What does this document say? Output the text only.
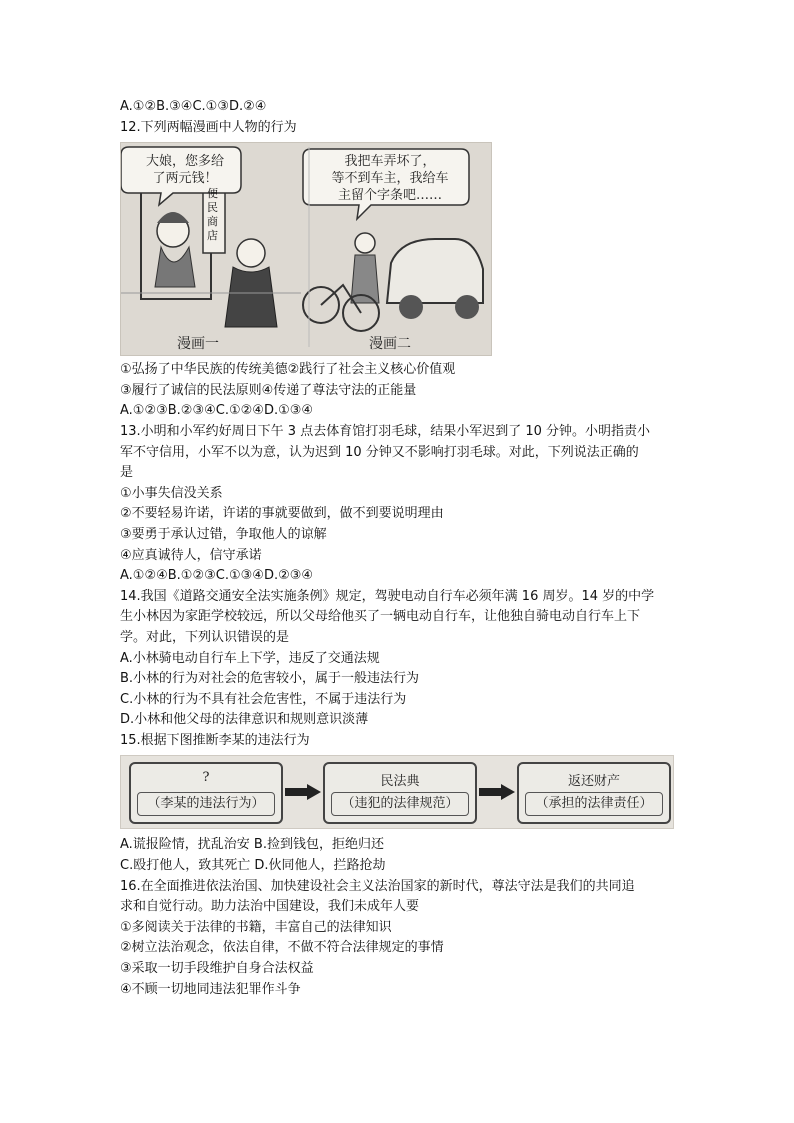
A.①②B.③④C.①③D.②④
12.下列两幅漫画中人物的行为
大娘，您多给
了两元钱！
便民商店
我把车弄坏了，
等不到车主，我给车
主留个字条吧……
漫画一	漫画二
①弘扬了中华民族的传统美德②践行了社会主义核心价值观
③履行了诚信的民法原则④传递了尊法守法的正能量
A.①②③B.②③④C.①②④D.①③④
13.小明和小军约好周日下午 3 点去体育馆打羽毛球，结果小军迟到了 10 分钟。小明指责小
军不守信用，小军不以为意，认为迟到 10 分钟又不影响打羽毛球。对此，下列说法正确的
是
①小事失信没关系
②不要轻易许诺，许诺的事就要做到，做不到要说明理由
③要勇于承认过错，争取他人的谅解
④应真诚待人，信守承诺
A.①②④B.①②③C.①③④D.②③④
14.我国《道路交通安全法实施条例》规定，驾驶电动自行车必须年满 16 周岁。14 岁的中学
生小林因为家距学校较远，所以父母给他买了一辆电动自行车，让他独自骑电动自行车上下
学。对此，下列认识错误的是
A.小林骑电动自行车上下学，违反了交通法规
B.小林的行为对社会的危害较小，属于一般违法行为
C.小林的行为不具有社会危害性，不属于违法行为
D.小林和他父母的法律意识和规则意识淡薄
15.根据下图推断李某的违法行为
?
（李某的违法行为）
民法典
（违犯的法律规范）
返还财产
（承担的法律责任）
A.谎报险情，扰乱治安 B.捡到钱包，拒绝归还
C.殴打他人，致其死亡 D.伙同他人，拦路抢劫
16.在全面推进依法治国、加快建设社会主义法治国家的新时代，尊法守法是我们的共同追
求和自觉行动。助力法治中国建设，我们未成年人要
①多阅读关于法律的书籍，丰富自己的法律知识
②树立法治观念，依法自律，不做不符合法律规定的事情
③采取一切手段维护自身合法权益
④不顾一切地同违法犯罪作斗争
